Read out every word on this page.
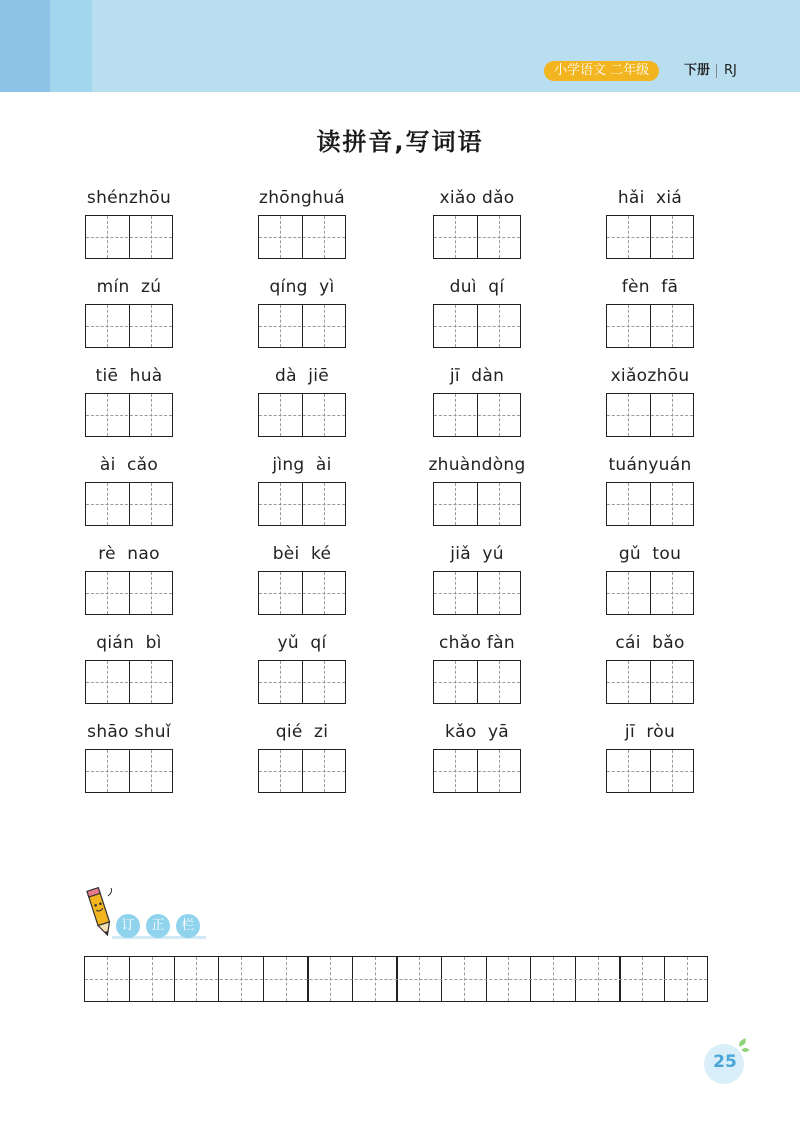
小学语文 二年级	下册 RJ
读拼音,写词语
shénzhōu	zhōnghuá	xiǎo dǎo	hǎi  xiá
mín  zú	qíng  yì	duì  qí	fèn  fā
tiē  huà	dà  jiē	jī  dàn	xiǎozhōu
ài  cǎo	jìng  ài	zhuàndòng	tuányuán
rè  nao	bèi  ké	jiǎ  yú	gǔ  tou
qián  bì	yǔ  qí	chǎo fàn	cái  bǎo
shāo shuǐ	qié  zi	kǎo  yā	jī  ròu
订	正	栏
25
